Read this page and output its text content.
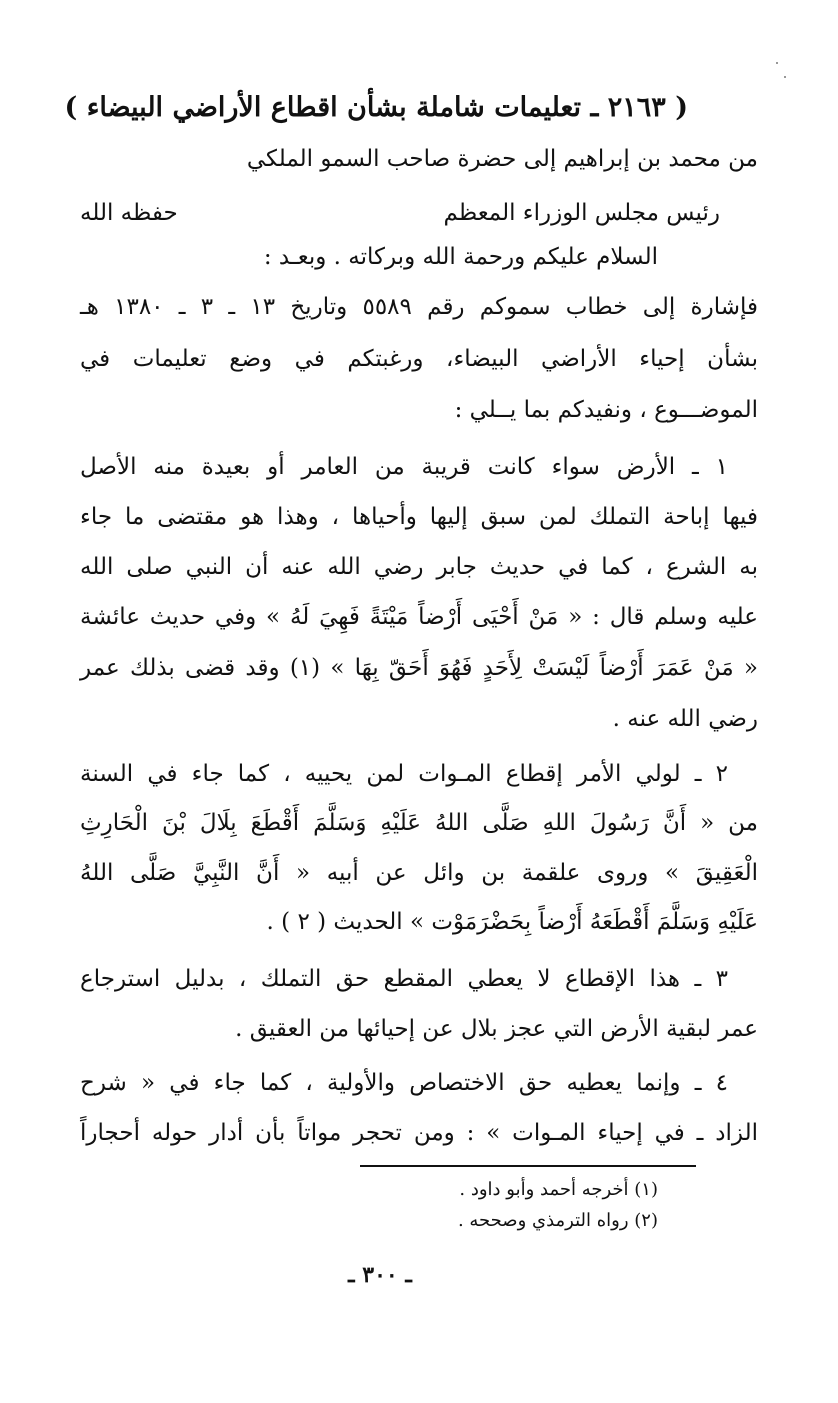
( ٢١٦٣ ـ تعليمات شاملة بشأن اقطاع الأراضي البيضاء )
من محمد بن إبراهيم إلى حضرة صاحب السمو الملكي
رئيس مجلس الوزراء المعظم
حفظه الله
السلام عليكم ورحمة الله وبركاته . وبعـد :
فإشارة إلى خطاب سموكم رقم ٥٥٨٩ وتاريخ ١٣ ـ ٣ ـ ١٣٨٠ هـ
بشأن إحياء الأراضي البيضاء، ورغبتكم في وضع تعليمات في
الموضـــوع ، ونفيدكم بما يــلي :
١ ـ الأرض سواء كانت قريبة من العامر أو بعيدة منه الأصل
فيها إباحة التملك لمن سبق إليها وأحياها ، وهذا هو مقتضى ما جاء
به الشرع ، كما في حديث جابر رضي الله عنه أن النبي صلى الله
عليه وسلم قال : « مَنْ أَحْيَى أَرْضاً مَيْتَةً فَهِيَ لَهُ » وفي حديث عائشة
« مَنْ عَمَرَ أَرْضاً لَيْسَتْ لِأَحَدٍ فَهُوَ أَحَقّ بِهَا » (١) وقد قضى بذلك عمر
رضي الله عنه .
٢ ـ لولي الأمر إقطاع المـوات لمن يحييه ، كما جاء في السنة
من « أَنَّ رَسُولَ اللهِ صَلَّى اللهُ عَلَيْهِ وَسَلَّمَ أَقْطَعَ بِلَالَ بْنَ الْحَارِثِ
الْعَقِيقَ » وروى علقمة بن وائل عن أبيه « أَنَّ النَّبِيَّ صَلَّى اللهُ
عَلَيْهِ وَسَلَّمَ أَقْطَعَهُ أَرْضاً بِحَضْرَمَوْت » الحديث ( ٢ ) .
٣ ـ هذا الإقطاع لا يعطي المقطع حق التملك ، بدليل استرجاع
عمر لبقية الأرض التي عجز بلال عن إحيائها من العقيق .
٤ ـ وإنما يعطيه حق الاختصاص والأولية ، كما جاء في « شرح
الزاد ـ في إحياء المـوات » : ومن تحجر مواتاً بأن أدار حوله أحجاراً
(١) أخرجه أحمد وأبو داود .
(٢) رواه الترمذي وصححه .
ـ ٣٠٠ ـ
